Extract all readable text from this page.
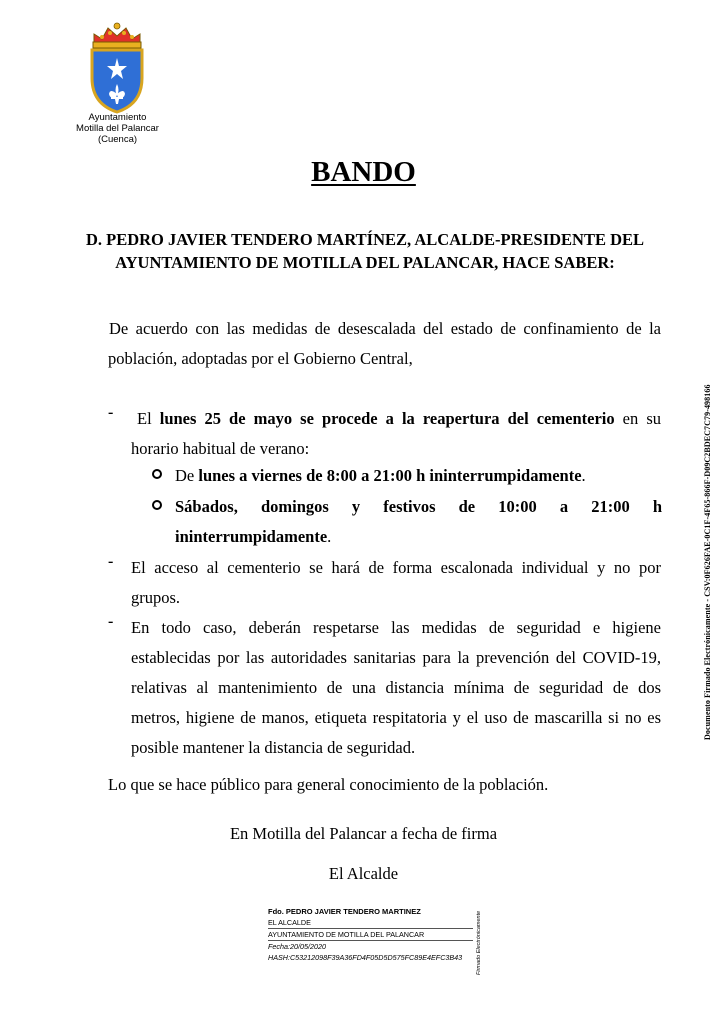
Ayuntamiento
Motilla del Palancar
(Cuenca)
BANDO
D. PEDRO JAVIER TENDERO MARTÍNEZ, ALCALDE-PRESIDENTE DEL
AYUNTAMIENTO DE MOTILLA DEL PALANCAR, HACE SABER:
De acuerdo con las medidas de desescalada del estado de confinamiento de la
población, adoptadas por el Gobierno Central,
- El lunes 25 de mayo se procede a la reapertura del cementerio en su
horario habitual de verano:
De lunes a viernes de 8:00 a 21:00 h ininterrumpidamente.
Sábados,    domingos    y    festivos    de    10:00    a    21:00    h
ininterrumpidamente.
- El acceso al cementerio se hará de forma escalonada individual y no por
grupos.
- En todo caso, deberán respetarse las medidas de seguridad e higiene
establecidas por las autoridades sanitarias para la prevención del COVID-19,
relativas al mantenimiento de una distancia mínima de seguridad de dos
metros, higiene de manos, etiqueta respitatoria y el uso de mascarilla si no es
posible mantener la distancia de seguridad.
Lo que se hace público para general conocimiento de la población.
En Motilla del Palancar a fecha de firma
El Alcalde
Fdo. PEDRO JAVIER TENDERO MARTINEZ
EL ALCALDE
AYUNTAMIENTO DE MOTILLA DEL PALANCAR
Fecha:20/05/2020
HASH:C53212098F39A36FD4F05D5D575FC89E4EFC3B43	Firmado Electrónicamente
Documento Firmado Electrónicamente - CSV:0F626FAE-0C1F-4F65-866F-D09C2BDEC7C79-498166
